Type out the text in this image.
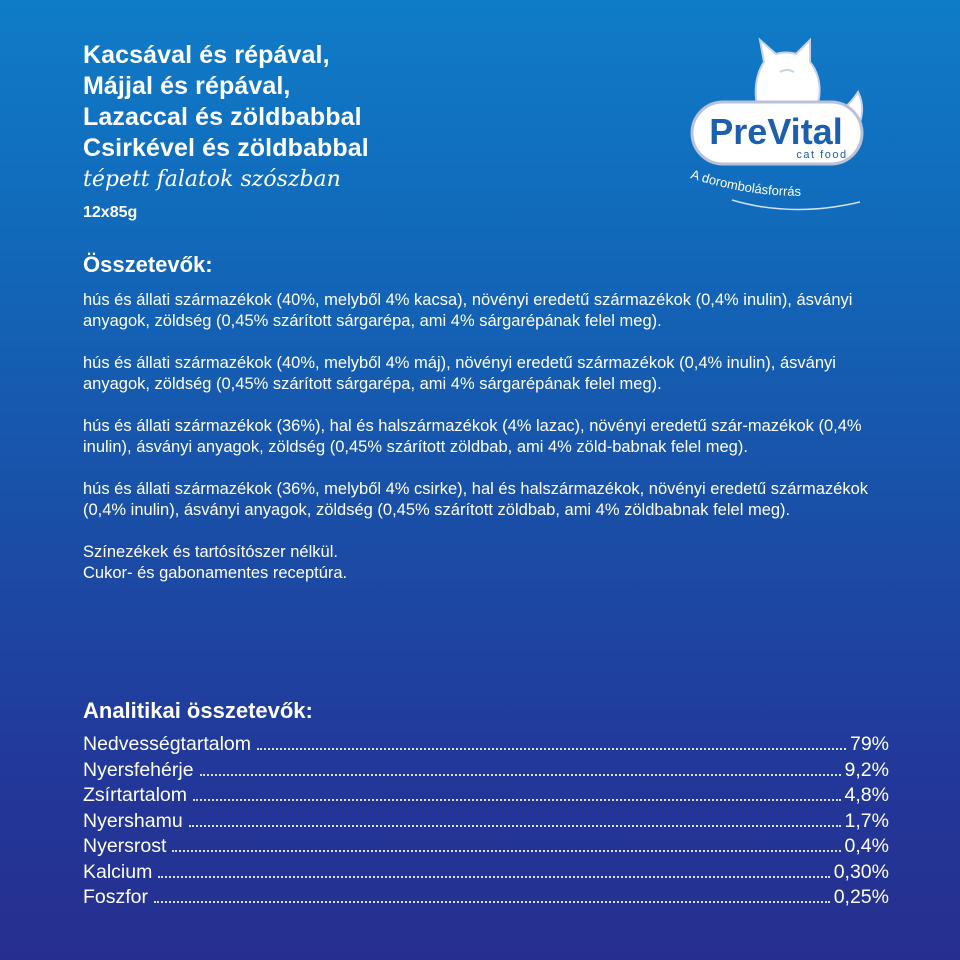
Kacsával és répával,
Májjal és répával,
Lazaccal és zöldbabbal
Csirkével és zöldbabbal
tépett falatok szószban
12x85g
PreVital
cat food
A dorombolásforrás
Összetevők:

hús és állati származékok (40%, melyből 4% kacsa), növényi eredetű származékok (0,4% inulin), ásványi anyagok, zöldség (0,45% szárított sárgarépa, ami 4% sárgarépának felel meg).

hús és állati származékok (40%, melyből 4% máj), növényi eredetű származékok (0,4% inulin), ásványi anyagok, zöldség (0,45% szárított sárgarépa, ami 4% sárgarépának felel meg).

hús és állati származékok (36%), hal és halszármazékok (4% lazac), növényi eredetű szár-mazékok (0,4% inulin), ásványi anyagok, zöldség (0,45% szárított zöldbab, ami 4% zöld-babnak felel meg).

hús és állati származékok (36%, melyből 4% csirke), hal és halszármazékok, növényi eredetű származékok (0,4% inulin), ásványi anyagok, zöldség (0,45% szárított zöldbab, ami 4% zöldbabnak felel meg).

Színezékek és tartósítószer nélkül.

Cukor- és gabonamentes receptúra.

Analitikai összetevők:
Nedvességtartalom	79%
Nyersfehérje	9,2%
Zsírtartalom	4,8%
Nyershamu	1,7%
Nyersrost	0,4%
Kalcium	0,30%
Foszfor	0,25%
